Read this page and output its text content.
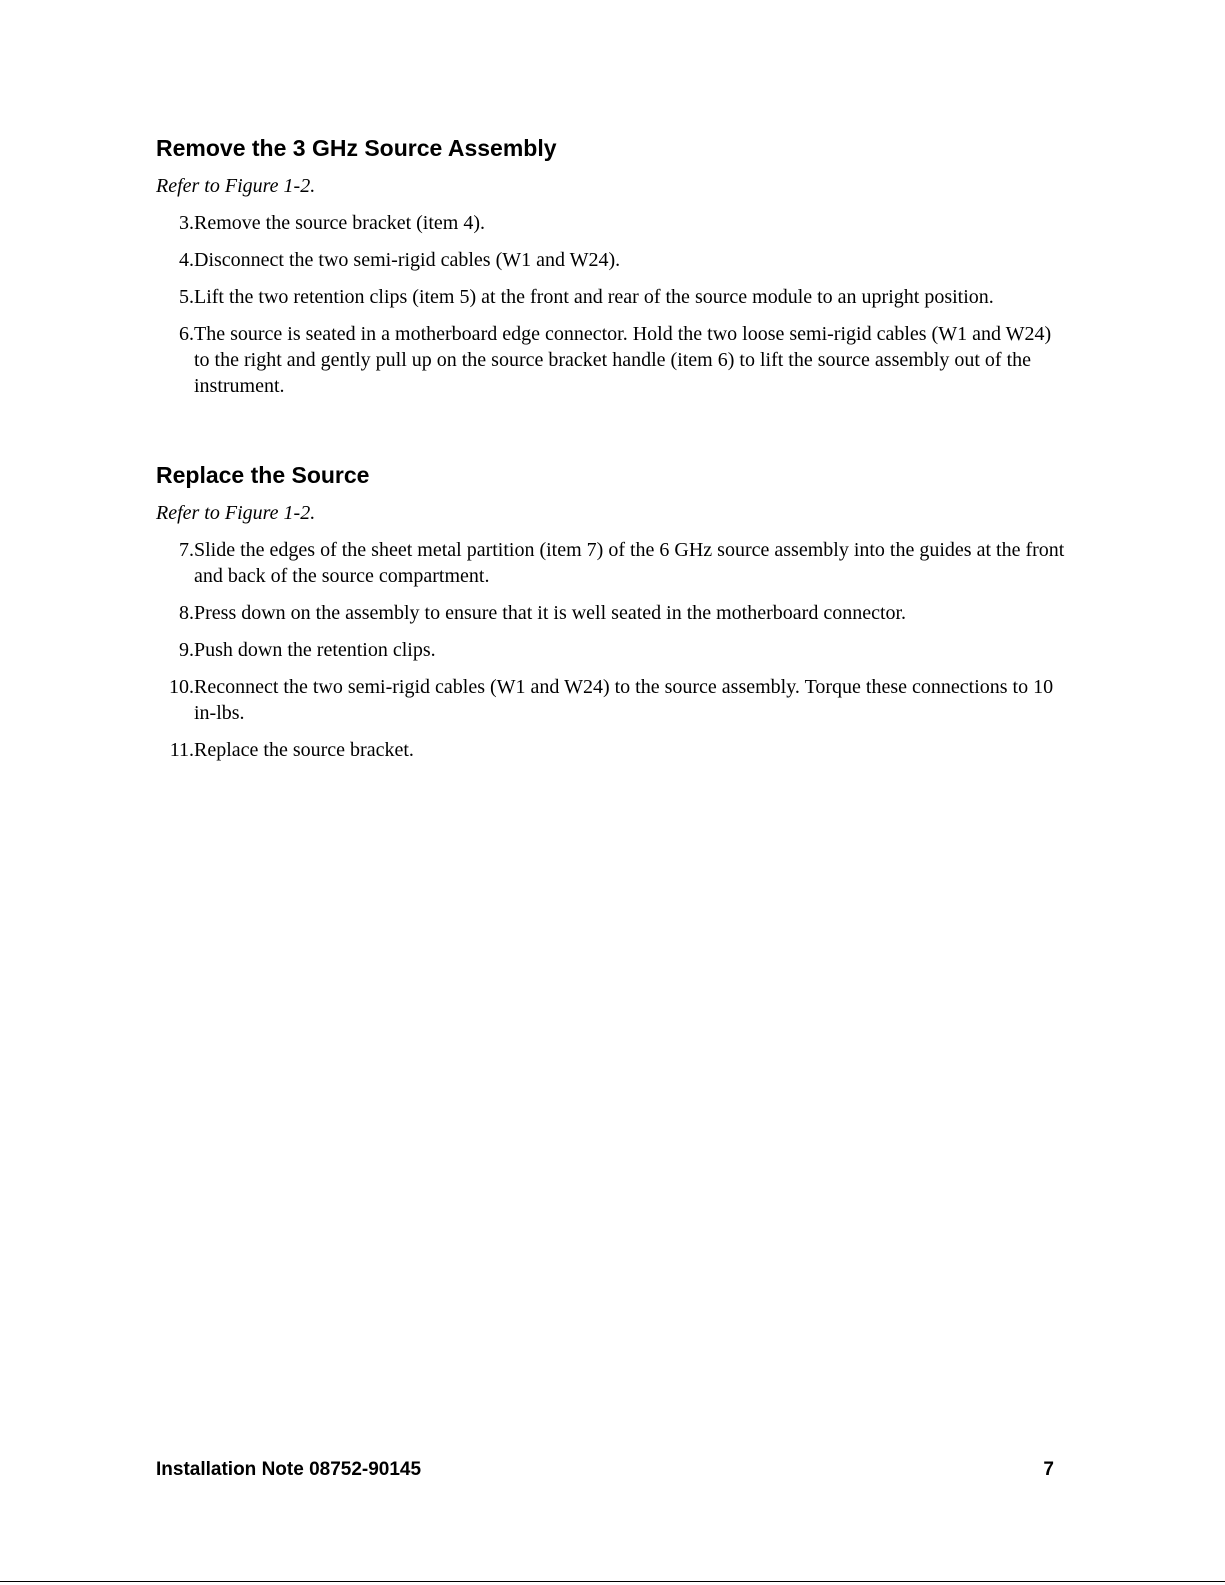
Remove the 3 GHz Source Assembly

Refer to Figure 1-2.

3. Remove the source bracket (item 4).
4. Disconnect the two semi-rigid cables (W1 and W24).
5. Lift the two retention clips (item 5) at the front and rear of the source module to an upright position.
6. The source is seated in a motherboard edge connector. Hold the two loose semi-rigid cables (W1 and W24) to the right and gently pull up on the source bracket handle (item 6) to lift the source assembly out of the instrument.
Replace the Source

Refer to Figure 1-2.

7. Slide the edges of the sheet metal partition (item 7) of the 6 GHz source assembly into the guides at the front and back of the source compartment.
8. Press down on the assembly to ensure that it is well seated in the motherboard connector.
9. Push down the retention clips.
10. Reconnect the two semi-rigid cables (W1 and W24) to the source assembly. Torque these connections to 10 in-lbs.
11. Replace the source bracket.
Installation Note 08752-90145	7
